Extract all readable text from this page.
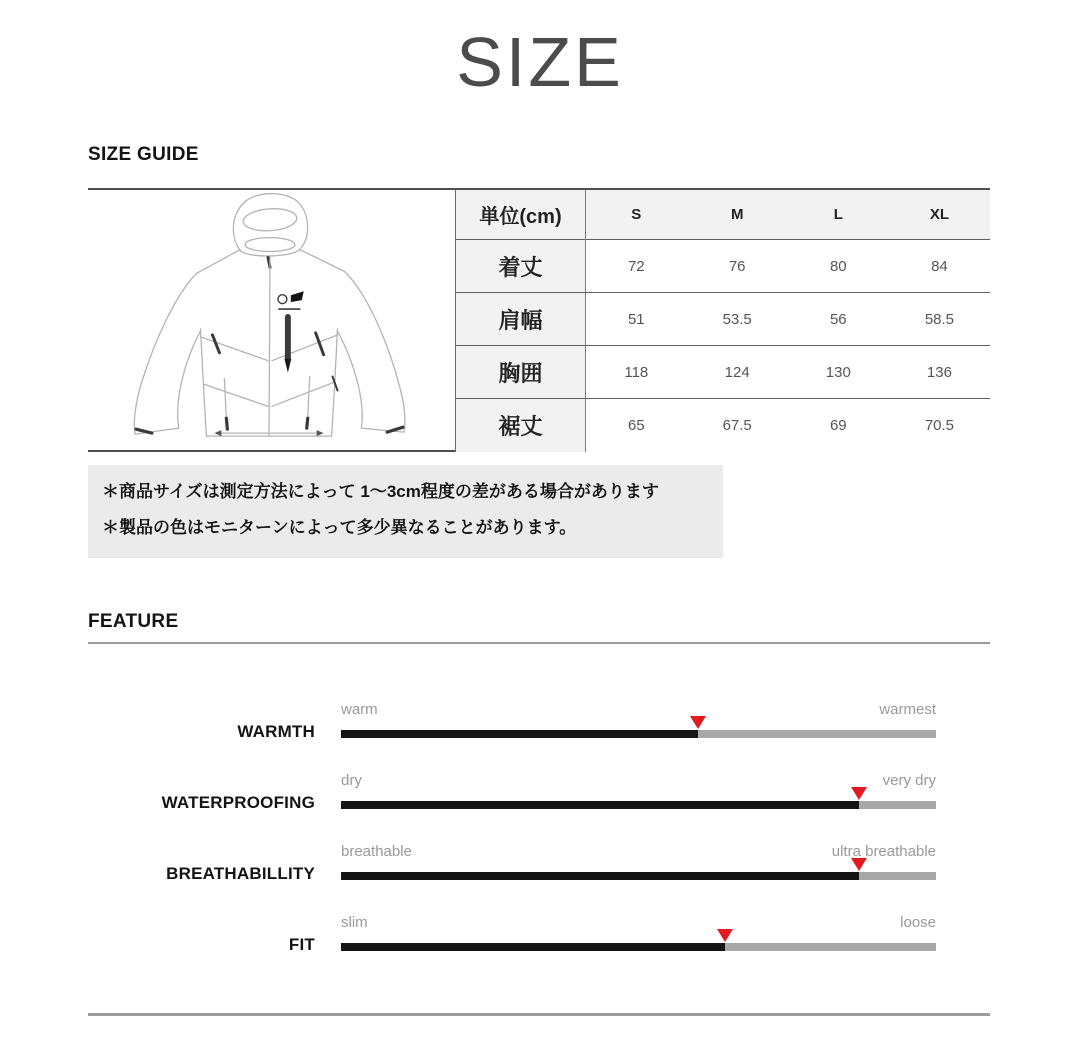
SIZE
SIZE GUIDE
単位(cm)	S	M	L	XL
着丈	72	76	80	84
肩幅	51	53.5	56	58.5
胸囲	118	124	130	136
裾丈	65	67.5	69	70.5

＊商品サイズは測定方法によって 1～3cm程度の差がある場合があります

＊製品の色はモニターンによって多少異なることがあります。

FEATURE
WARMTH
warm	warmest
WATERPROOFING
dry	very dry
BREATHABILLITY
breathable	ultra breathable
FIT
slim	loose
